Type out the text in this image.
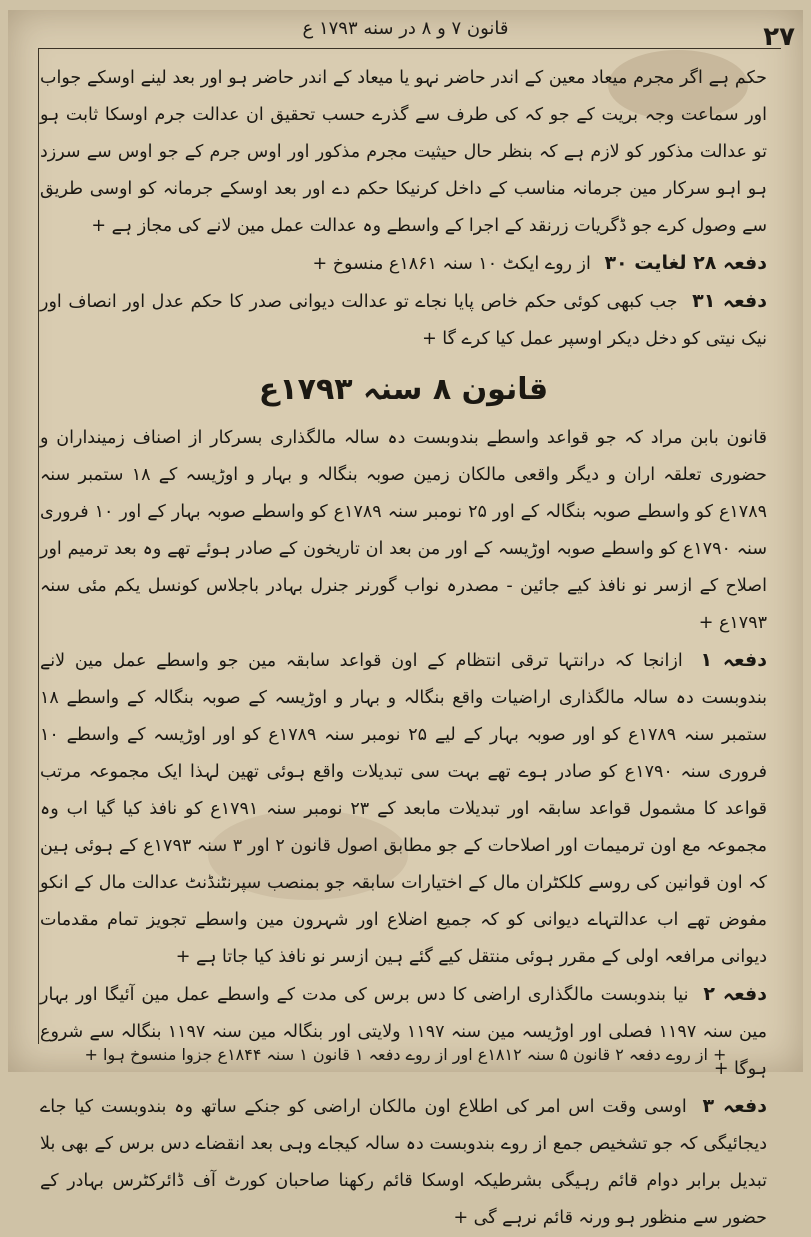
قانون ۷ و ۸ در سنه ۱۷۹۳ ع	۲۷

حکم ہے اگر مجرم میعاد معین کے اندر حاضر نہو یا میعاد کے اندر حاضر ہو اور بعد لینے اوسکے جواب اور سماعت وجہ بریت کے جو کہ کی طرف سے گذرے حسب تحقیق ان عدالت جرم اوسکا ثابت ہو تو عدالت مذکور کو لازم ہے کہ بنظر حال حیثیت مجرم مذکور اور اوس جرم کے جو اوس سے سرزد ہو اہو سرکار مین جرمانہ مناسب کے داخل کرنیکا حکم دے اور بعد اوسکے جرمانہ کو اوسی طریق سے وصول کرے جو ڈگریات زرنقد کے اجرا کے واسطے وہ عدالت عمل مین لانے کی مجاز ہے +

دفعہ ۲۸ لغایت ۳۰ از روے ایکٹ ۱۰ سنہ ۱۸۶۱ع منسوخ +

دفعہ ۳۱ جب کبھی کوئی حکم خاص پایا نجاے تو عدالت دیوانی صدر کا حکم عدل اور انصاف اور نیک نیتی کو دخل دیکر اوسپر عمل کیا کرے گا +

قانون ۸ سنہ ۱۷۹۳ع

قانون بابن مراد کہ جو قواعد واسطے بندوبست دہ سالہ مالگذاری بسرکار از اصناف زمینداران و حضوری تعلقہ اران و دیگر واقعی مالکان زمین صوبہ بنگالہ و بہار و اوڑیسہ کے ۱۸ ستمبر سنہ ۱۷۸۹ع کو واسطے صوبہ بنگالہ کے اور ۲۵ نومبر سنہ ۱۷۸۹ع کو واسطے صوبہ بہار کے اور ۱۰ فروری سنہ ۱۷۹۰ع کو واسطے صوبہ اوڑیسہ کے اور من بعد ان تاریخون کے صادر ہوئے تھے وہ بعد ترمیم اور اصلاح کے ازسر نو نافذ کیے جائین - مصدرہ نواب گورنر جنرل بہادر باجلاس کونسل یکم مئی سنہ ۱۷۹۳ع +

دفعہ ۱ ازانجا کہ درانتہا ترقی انتظام کے اون قواعد سابقہ مین جو واسطے عمل مین لانے بندوبست دہ سالہ مالگذاری اراضیات واقع بنگالہ و بہار و اوڑیسہ کے صوبہ بنگالہ کے واسطے ۱۸ ستمبر سنہ ۱۷۸۹ع کو اور صوبہ بہار کے لیے ۲۵ نومبر سنہ ۱۷۸۹ع کو اور اوڑیسہ کے واسطے ۱۰ فروری سنہ ۱۷۹۰ع کو صادر ہوے تھے بہت سی تبدیلات واقع ہوئی تھین لہذا ایک مجموعہ مرتب قواعد کا مشمول قواعد سابقہ اور تبدیلات مابعد کے ۲۳ نومبر سنہ ۱۷۹۱ع کو نافذ کیا گیا اب وہ مجموعہ مع اون ترمیمات اور اصلاحات کے جو مطابق اصول قانون ۲ اور ۳ سنہ ۱۷۹۳ع کے ہوئی ہین کہ اون قوانین کی روسے کلکٹران مال کے اختیارات سابقہ جو بمنصب سپرنٹنڈنٹ عدالت مال کے انکو مفوض تھے اب عدالتہاے دیوانی کو کہ جمیع اضلاع اور شہرون مین واسطے تجویز تمام مقدمات دیوانی مرافعہ اولی کے مقرر ہوئی منتقل کیے گئے ہین ازسر نو نافذ کیا جاتا ہے +

دفعہ ۲ نیا بندوبست مالگذاری اراضی کا دس برس کی مدت کے واسطے عمل مین آئیگا اور بہار مین سنہ ۱۱۹۷ فصلی اور اوڑیسہ مین سنہ ۱۱۹۷ ولایتی اور بنگالہ مین سنہ ۱۱۹۷ بنگالہ سے شروع ہوگا +

دفعہ ۳ اوسی وقت اس امر کی اطلاع اون مالکان اراضی کو جنکے ساتھ وہ بندوبست کیا جاے دیجائیگی کہ جو تشخیص جمع از روے بندوبست دہ سالہ کیجاے وہی بعد انقضاے دس برس کے بھی بلا تبدیل برابر دوام قائم رہیگی بشرطیکہ اوسکا قائم رکھنا صاحبان کورٹ آف ڈائرکٹرس بہادر کے حضور سے منظور ہو ورنہ قائم نرہے گی +

+ از روے دفعہ ۲ قانون ۵ سنہ ۱۸۱۲ع اور از روے دفعہ ۱ قانون ۱ سنہ ۱۸۴۴ع جزوا منسوخ ہوا +
